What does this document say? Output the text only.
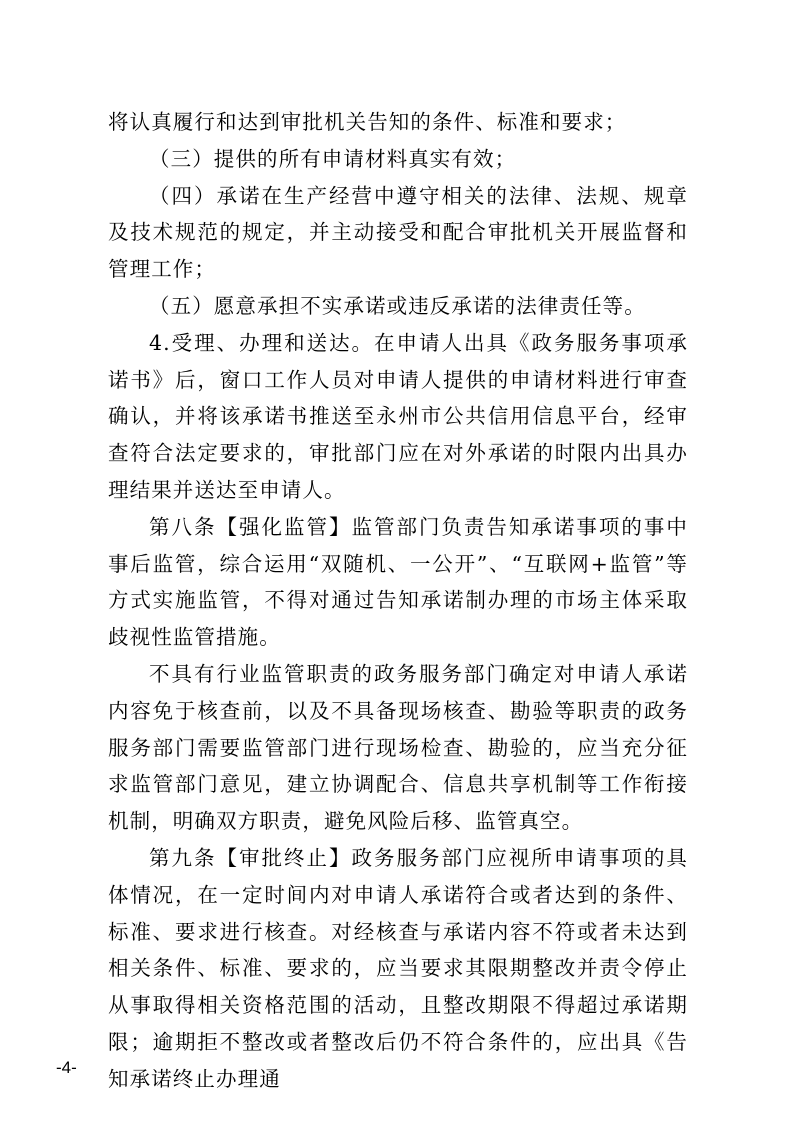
将认真履行和达到审批机关告知的条件、标准和要求；

（三）提供的所有申请材料真实有效；

（四）承诺在生产经营中遵守相关的法律、法规、规章及技术规范的规定，并主动接受和配合审批机关开展监督和管理工作；

（五）愿意承担不实承诺或违反承诺的法律责任等。

4.受理、办理和送达。在申请人出具《政务服务事项承诺书》后，窗口工作人员对申请人提供的申请材料进行审查确认，并将该承诺书推送至永州市公共信用信息平台，经审查符合法定要求的，审批部门应在对外承诺的时限内出具办理结果并送达至申请人。

第八条【强化监管】监管部门负责告知承诺事项的事中事后监管，综合运用“双随机、一公开”、“互联网+监管”等方式实施监管，不得对通过告知承诺制办理的市场主体采取歧视性监管措施。

不具有行业监管职责的政务服务部门确定对申请人承诺内容免于核查前，以及不具备现场核查、勘验等职责的政务服务部门需要监管部门进行现场检查、勘验的，应当充分征求监管部门意见，建立协调配合、信息共享机制等工作衔接机制，明确双方职责，避免风险后移、监管真空。

第九条【审批终止】政务服务部门应视所申请事项的具体情况，在一定时间内对申请人承诺符合或者达到的条件、标准、要求进行核查。对经核查与承诺内容不符或者未达到相关条件、标准、要求的，应当要求其限期整改并责令停止从事取得相关资格范围的活动，且整改期限不得超过承诺期限；逾期拒不整改或者整改后仍不符合条件的，应出具《告知承诺终止办理通

-4-
